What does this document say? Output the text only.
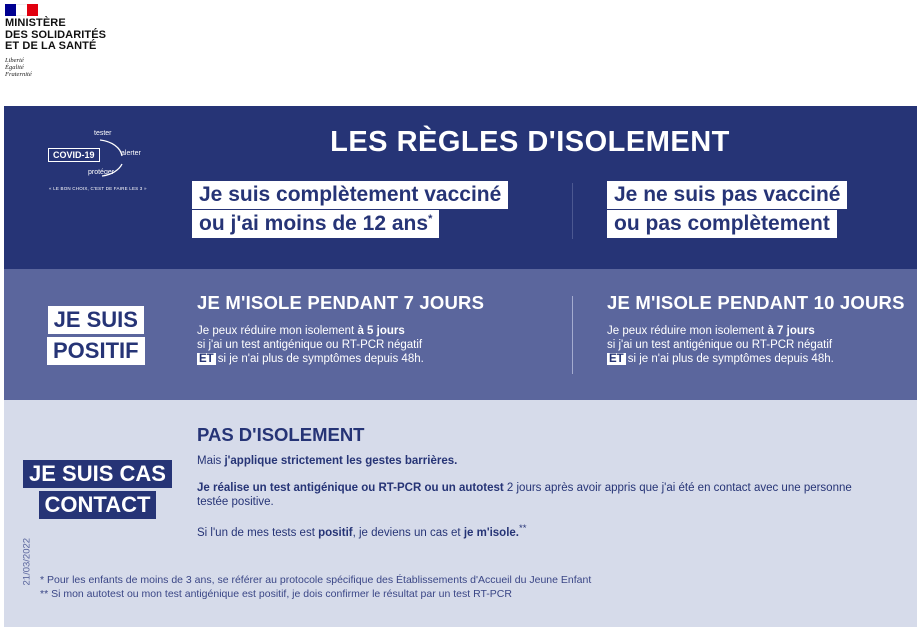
MINISTÈRE
DES SOLIDARITÉS
ET DE LA SANTÉ
Liberté
Égalité
Fraternité
tester
COVID-19	alerter
protéger
« LE BON CHOIX, C'EST DE FAIRE LES 3 »
LES RÈGLES D'ISOLEMENT
Je suis complètement vacciné
ou j'ai moins de 12 ans*
Je ne suis pas vacciné
ou pas complètement
JE SUIS
POSITIF
JE M'ISOLE PENDANT 7 JOURS

Je peux réduire mon isolement à 5 jours
si j'ai un test antigénique ou RT-PCR négatif
ET si je n'ai plus de symptômes depuis 48h.

JE M'ISOLE PENDANT 10 JOURS

Je peux réduire mon isolement à 7 jours
si j'ai un test antigénique ou RT-PCR négatif
ET si je n'ai plus de symptômes depuis 48h.

JE SUIS CAS
CONTACT
PAS D'ISOLEMENT

Mais j'applique strictement les gestes barrières.

Je réalise un test antigénique ou RT-PCR ou un autotest 2 jours après avoir appris que j'ai été en contact avec une personne testée positive.

Si l'un de mes tests est positif, je deviens un cas et je m'isole.**

* Pour les enfants de moins de 3 ans, se référer au protocole spécifique des Établissements d'Accueil du Jeune Enfant
** Si mon autotest ou mon test antigénique est positif, je dois confirmer le résultat par un test RT-PCR
21/03/2022
